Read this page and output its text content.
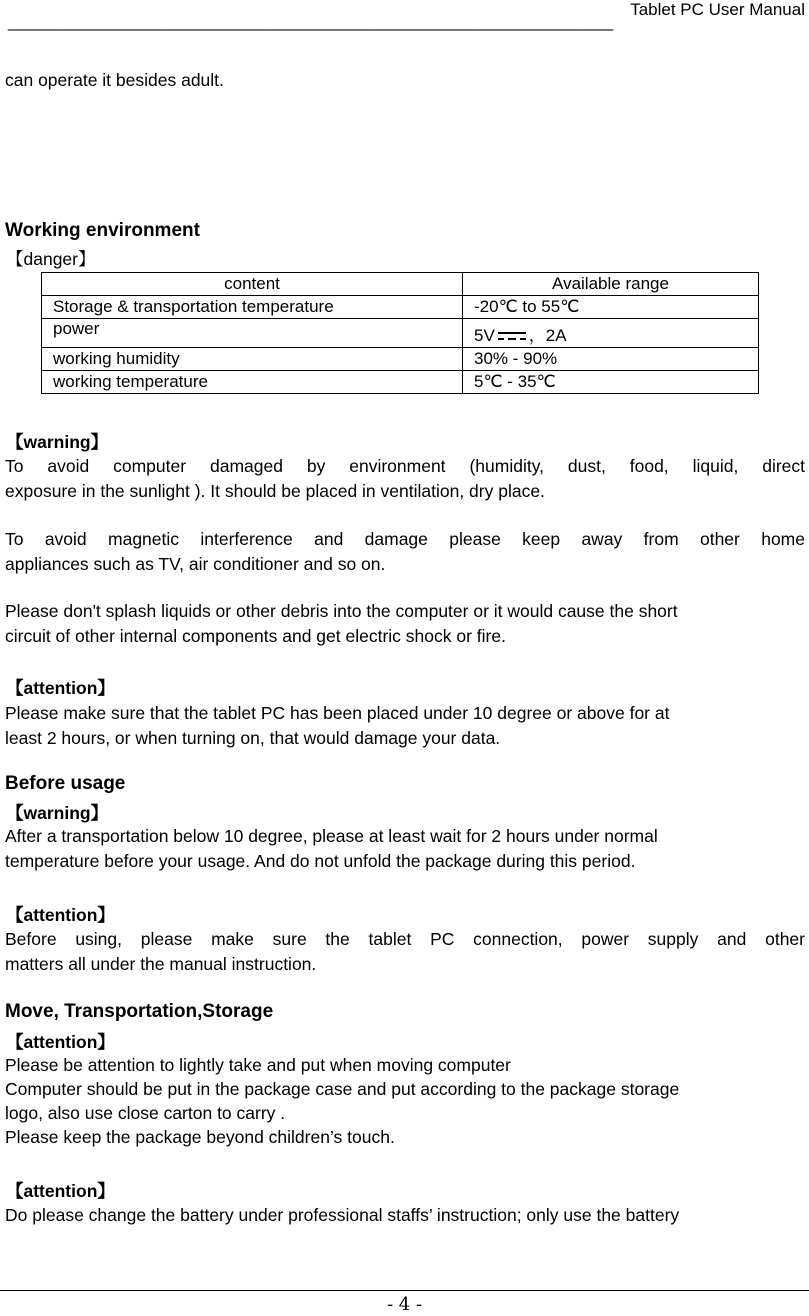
Tablet PC User Manual
________________________________________________________________
can operate it besides adult.
Working environment
【danger】
content	Available range
Storage & transportation temperature	-20℃ to 55℃
power	5V ，2A
working humidity	30% - 90%
working temperature	5℃ - 35℃
【warning】
To avoid computer damaged by environment (humidity, dust, food, liquid, direct
exposure in the sunlight ). It should be placed in ventilation, dry place.
To avoid magnetic interference and damage please keep away from other home
appliances such as TV, air conditioner and so on.
Please don't splash liquids or other debris into the computer or it would cause the short
circuit of other internal components and get electric shock or fire.
【attention】
Please make sure that the tablet PC has been placed under 10 degree or above for at
least 2 hours, or when turning on, that would damage your data.
Before usage
【warning】
After a transportation below 10 degree, please at least wait for 2 hours under normal
temperature before your usage. And do not unfold the package during this period.
【attention】
Before using, please make sure the tablet PC connection, power supply and other
matters all under the manual instruction.
Move, Transportation,Storage
【attention】
Please be attention to lightly take and put when moving computer
Computer should be put in the package case and put according to the package storage
logo, also use close carton to carry .
Please keep the package beyond children’s touch.
【attention】
Do please change the battery under professional staffs’ instruction; only use the battery
- 4 -
